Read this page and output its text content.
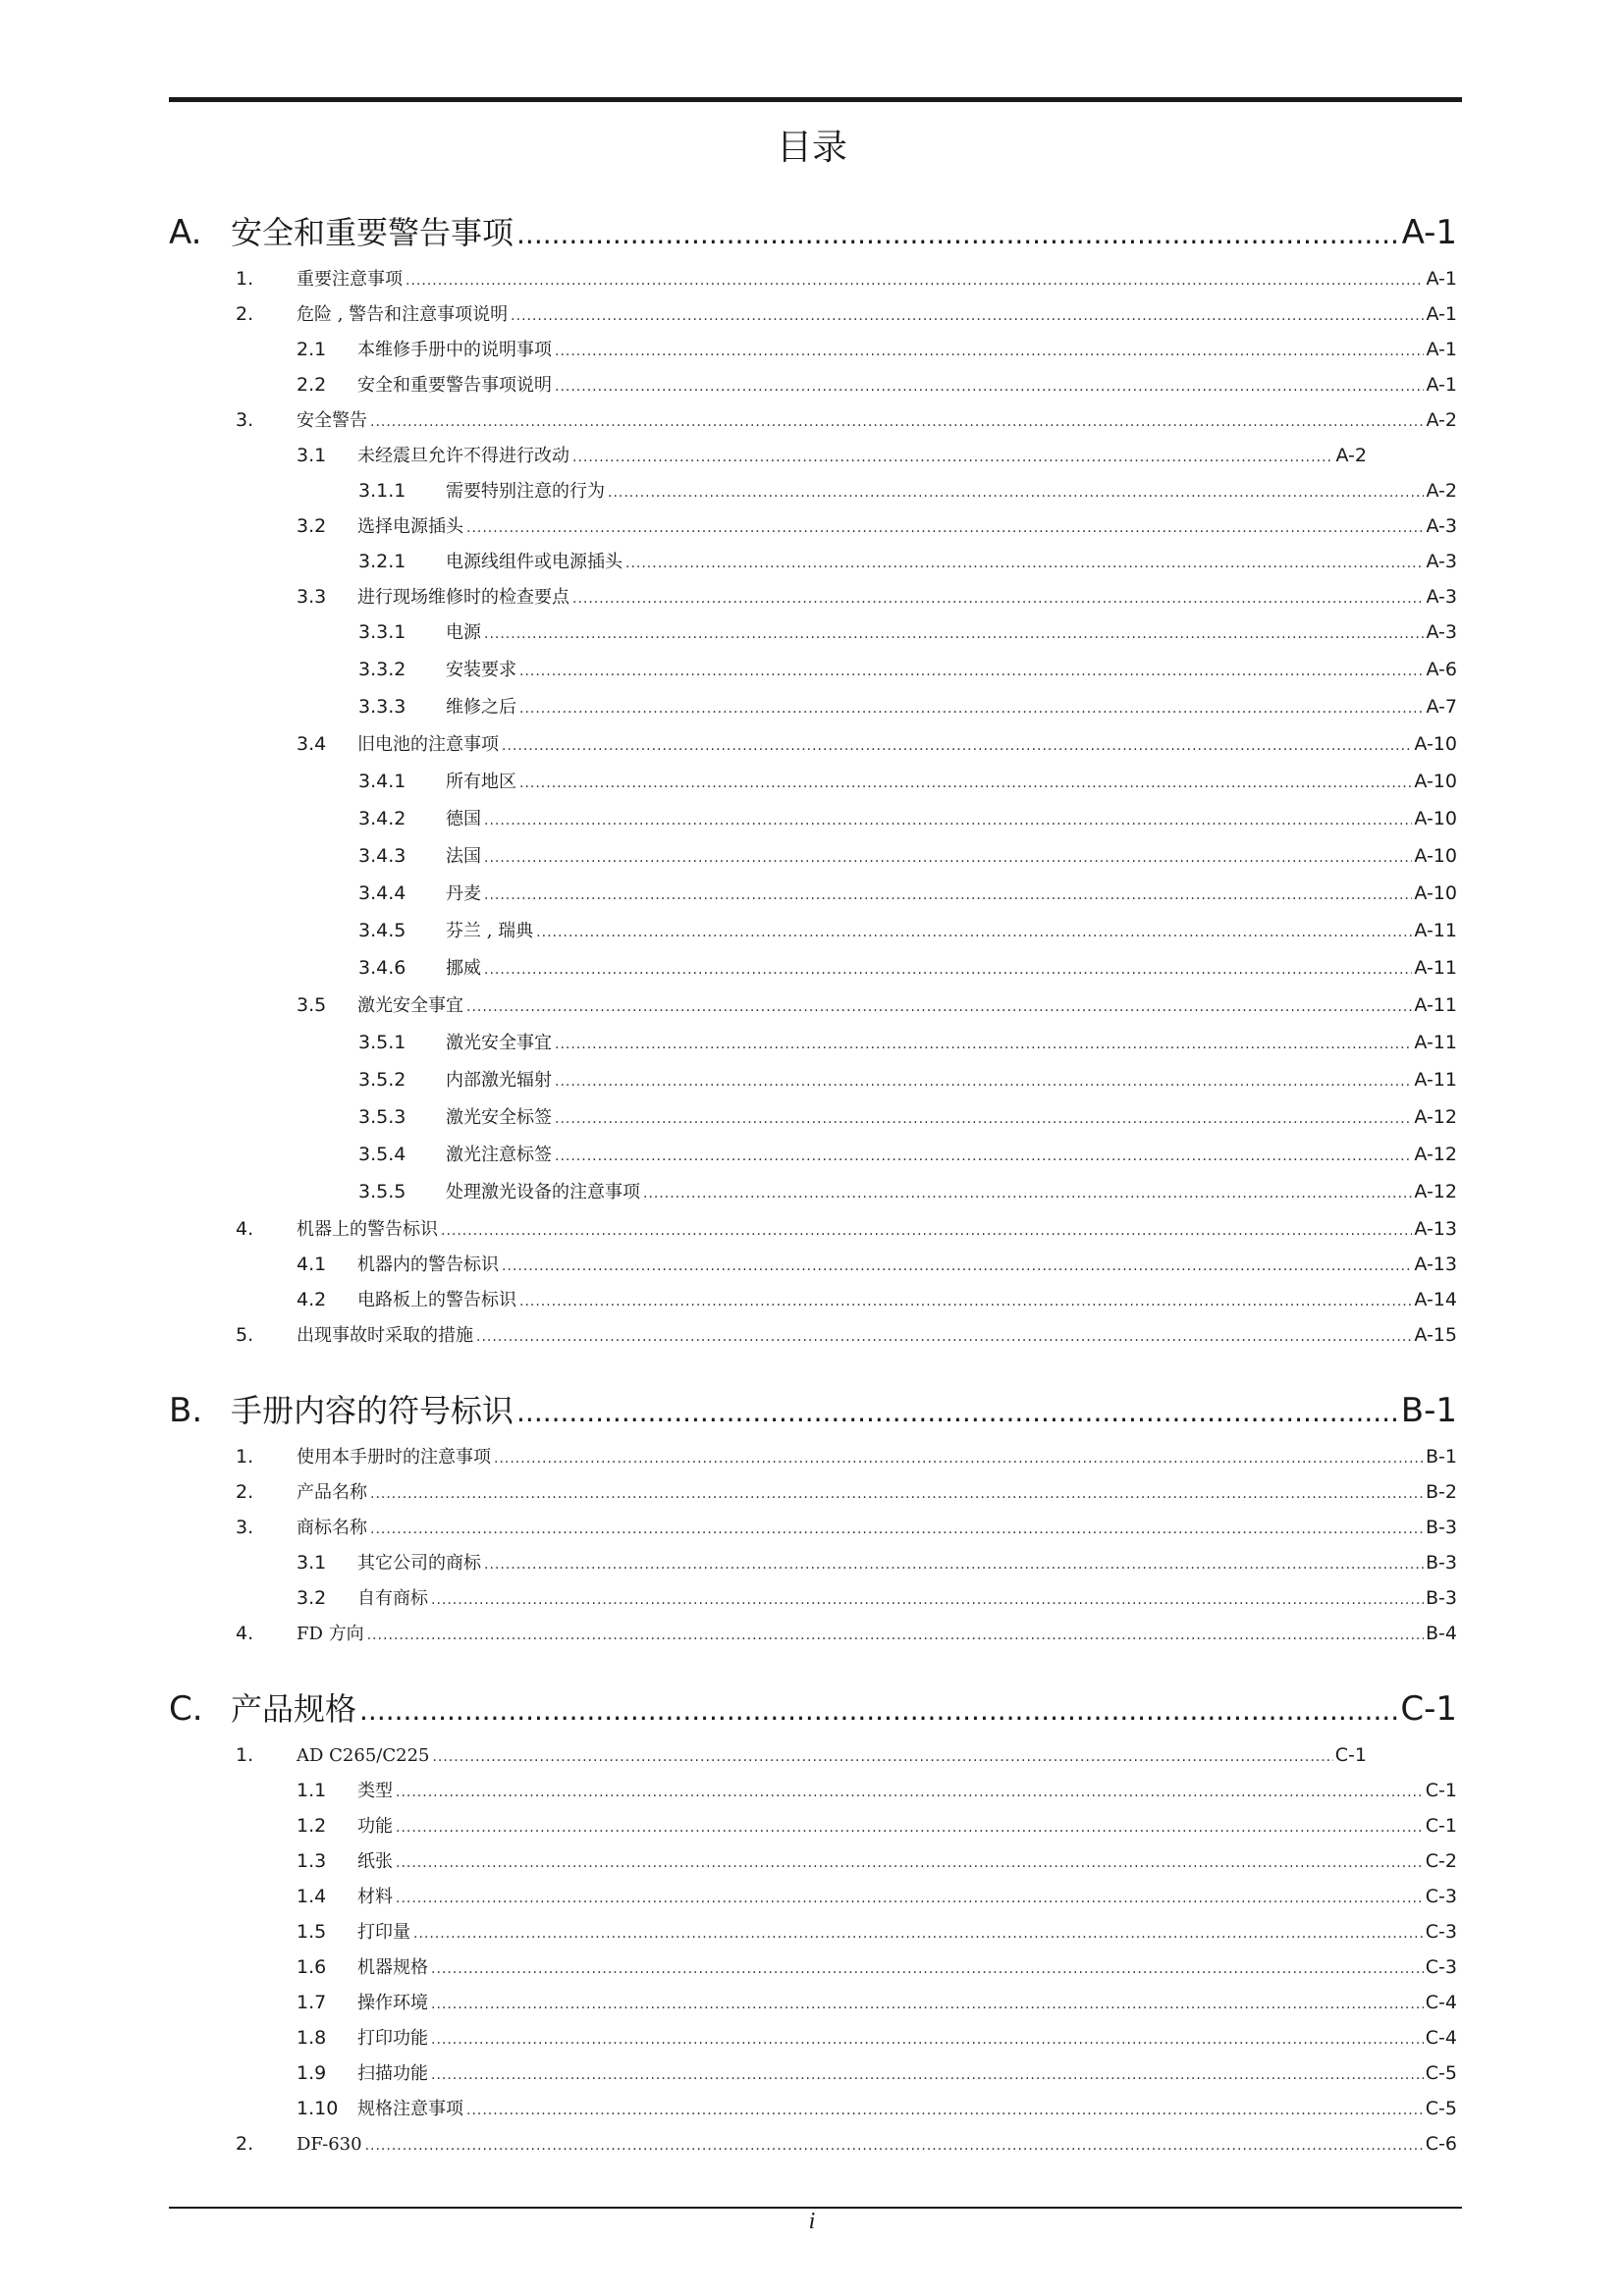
目录
A. 安全和重要警告事项 .....	A-1
1.	重要注意事项 .....	A-1
2.	危险 , 警告和注意事项说明 .....	A-1
2.1	本维修手册中的说明事项 .....	A-1
2.2	安全和重要警告事项说明 .....	A-1
3.	安全警告 .....	A-2
3.1	未经震旦允许不得进行改动 .....	A-2
3.1.1	需要特别注意的行为 .....	A-2
3.2	选择电源插头 .....	A-3
3.2.1	电源线组件或电源插头 .....	A-3
3.3	进行现场维修时的检查要点 .....	A-3
3.3.1	电源 .....	A-3
3.3.2	安装要求 .....	A-6
3.3.3	维修之后 .....	A-7
3.4	旧电池的注意事项 .....	A-10
3.4.1	所有地区 .....	A-10
3.4.2	德国 .....	A-10
3.4.3	法国 .....	A-10
3.4.4	丹麦 .....	A-10
3.4.5	芬兰 , 瑞典 .....	A-11
3.4.6	挪威 .....	A-11
3.5	激光安全事宜 .....	A-11
3.5.1	激光安全事宜 .....	A-11
3.5.2	内部激光辐射 .....	A-11
3.5.3	激光安全标签 .....	A-12
3.5.4	激光注意标签 .....	A-12
3.5.5	处理激光设备的注意事项 .....	A-12
4.	机器上的警告标识 .....	A-13
4.1	机器内的警告标识 .....	A-13
4.2	电路板上的警告标识 .....	A-14
5.	出现事故时采取的措施 .....	A-15
B. 手册内容的符号标识 .....	B-1
1.	使用本手册时的注意事项 .....	B-1
2.	产品名称 .....	B-2
3.	商标名称 .....	B-3
3.1	其它公司的商标 .....	B-3
3.2	自有商标 .....	B-3
4.	FD 方向 .....	B-4
C. 产品规格 .....	C-1
1.	AD C265/C225 .....	C-1
1.1	类型 .....	C-1
1.2	功能 .....	C-1
1.3	纸张 .....	C-2
1.4	材料 .....	C-3
1.5	打印量 .....	C-3
1.6	机器规格 .....	C-3
1.7	操作环境 .....	C-4
1.8	打印功能 .....	C-4
1.9	扫描功能 .....	C-5
1.10	规格注意事项 .....	C-5
2.	DF-630 .....	C-6
i
